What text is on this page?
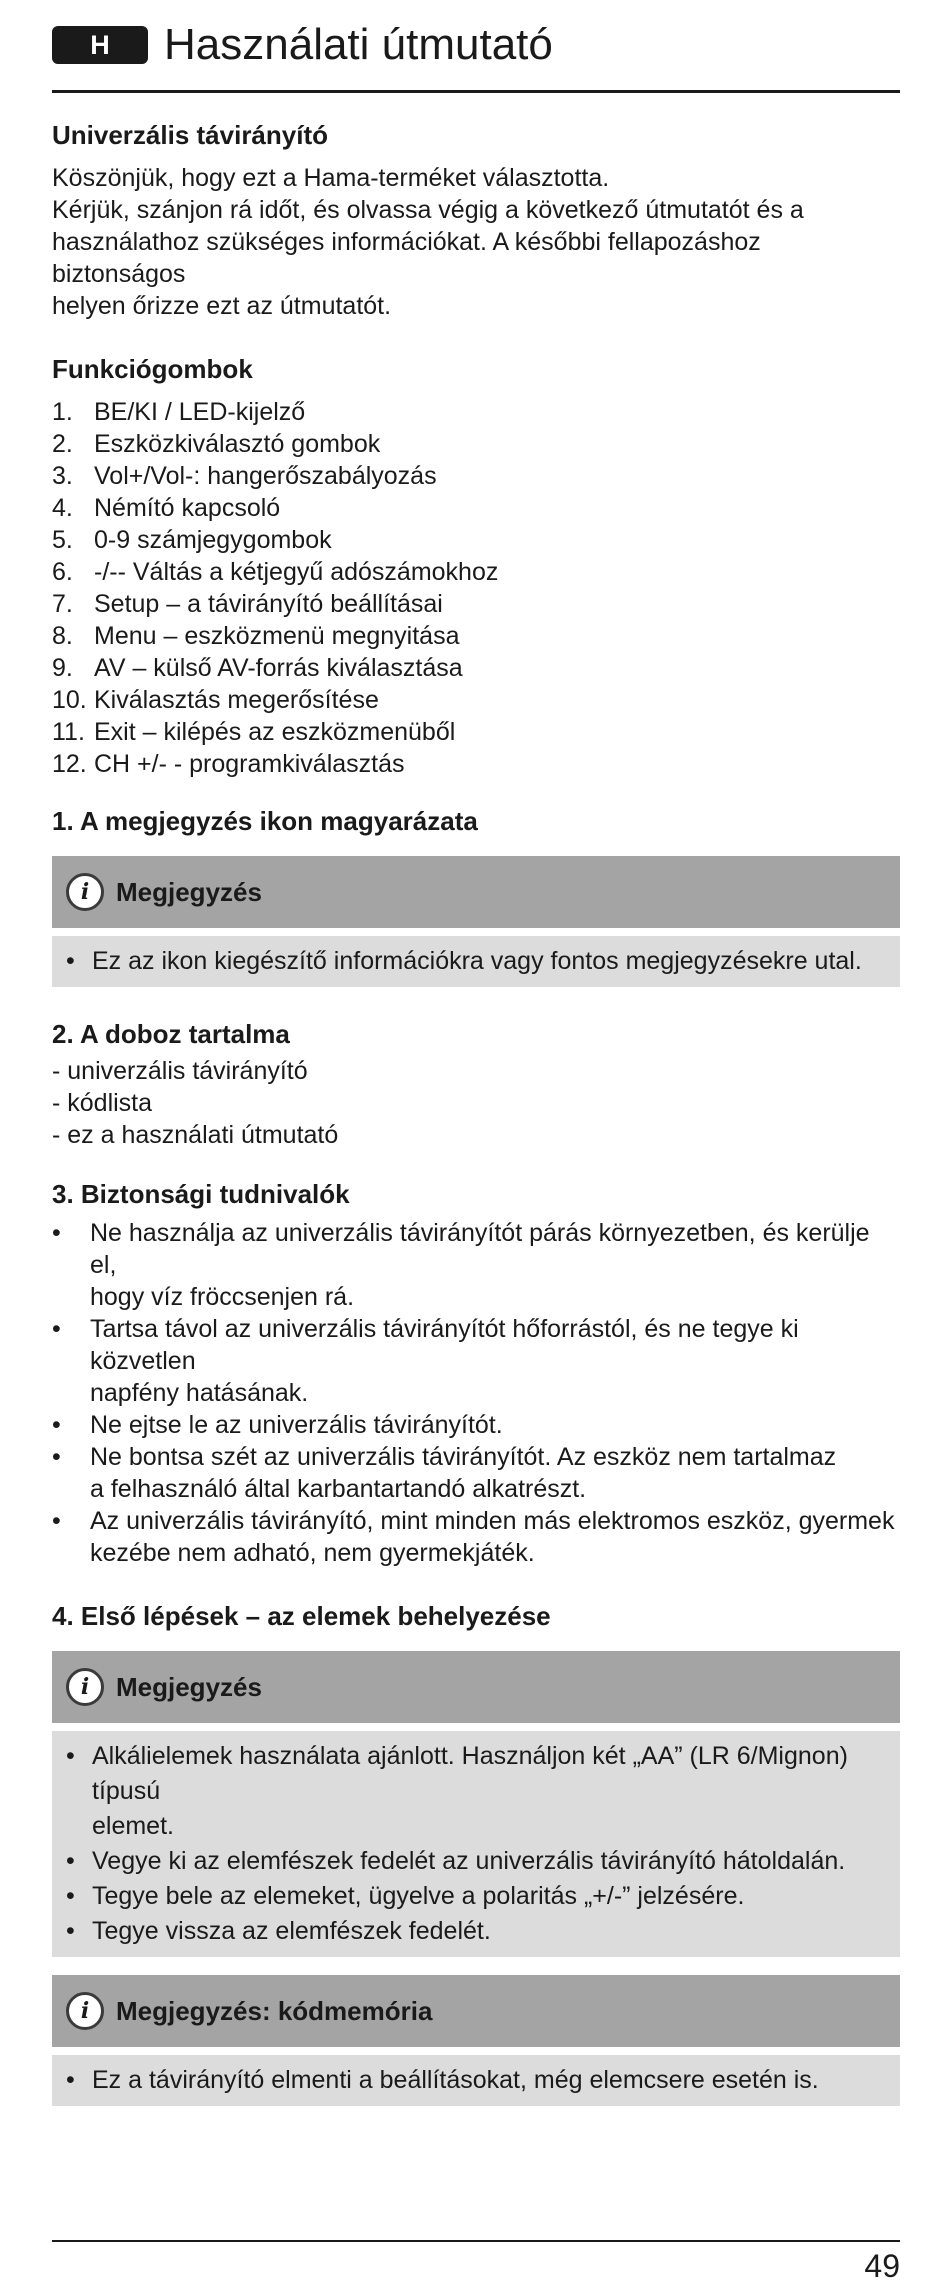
H	Használati útmutató

Univerzális távirányító

Köszönjük, hogy ezt a Hama-terméket választotta.

Kérjük, szánjon rá időt, és olvassa végig a következő útmutatót és a

használathoz szükséges információkat. A későbbi fellapozáshoz biztonságos

helyen őrizze ezt az útmutatót.

Funkciógombok

1. BE/KI / LED-kijelző
2. Eszközkiválasztó gombok
3. Vol+/Vol-: hangerőszabályozás
4. Némító kapcsoló
5. 0-9 számjegygombok
6. -/-- Váltás a kétjegyű adószámokhoz
7. Setup – a távirányító beállításai
8. Menu – eszközmenü megnyitása
9. AV – külső AV-forrás kiválasztása
10. Kiválasztás megerősítése
11. Exit – kilépés az eszközmenüből
12. CH +/- - programkiválasztás

1. A megjegyzés ikon magyarázata

i	Megjegyzés
• Ez az ikon kiegészítő információkra vagy fontos megjegyzésekre utal.

2. A doboz tartalma

- univerzális távirányító
- kódlista
- ez a használati útmutató

3. Biztonsági tudnivalók

•	Ne használja az univerzális távirányítót párás környezetben, és kerülje el,
hogy víz fröccsenjen rá.
•	Tartsa távol az univerzális távirányítót hőforrástól, és ne tegye ki közvetlen
napfény hatásának.
•	Ne ejtse le az univerzális távirányítót.
•	Ne bontsa szét az univerzális távirányítót. Az eszköz nem tartalmaz
a felhasználó által karbantartandó alkatrészt.
•	Az univerzális távirányító, mint minden más elektromos eszköz, gyermek
kezébe nem adható, nem gyermekjáték.

4. Első lépések – az elemek behelyezése

i	Megjegyzés
• Alkálielemek használata ajánlott. Használjon két „AA” (LR 6/Mignon) típusú
elemet.
• Vegye ki az elemfészek fedelét az univerzális távirányító hátoldalán.
• Tegye bele az elemeket, ügyelve a polaritás „+/-” jelzésére.
• Tegye vissza az elemfészek fedelét.
i	Megjegyzés: kódmemória
• Ez a távirányító elmenti a beállításokat, még elemcsere esetén is.
49
